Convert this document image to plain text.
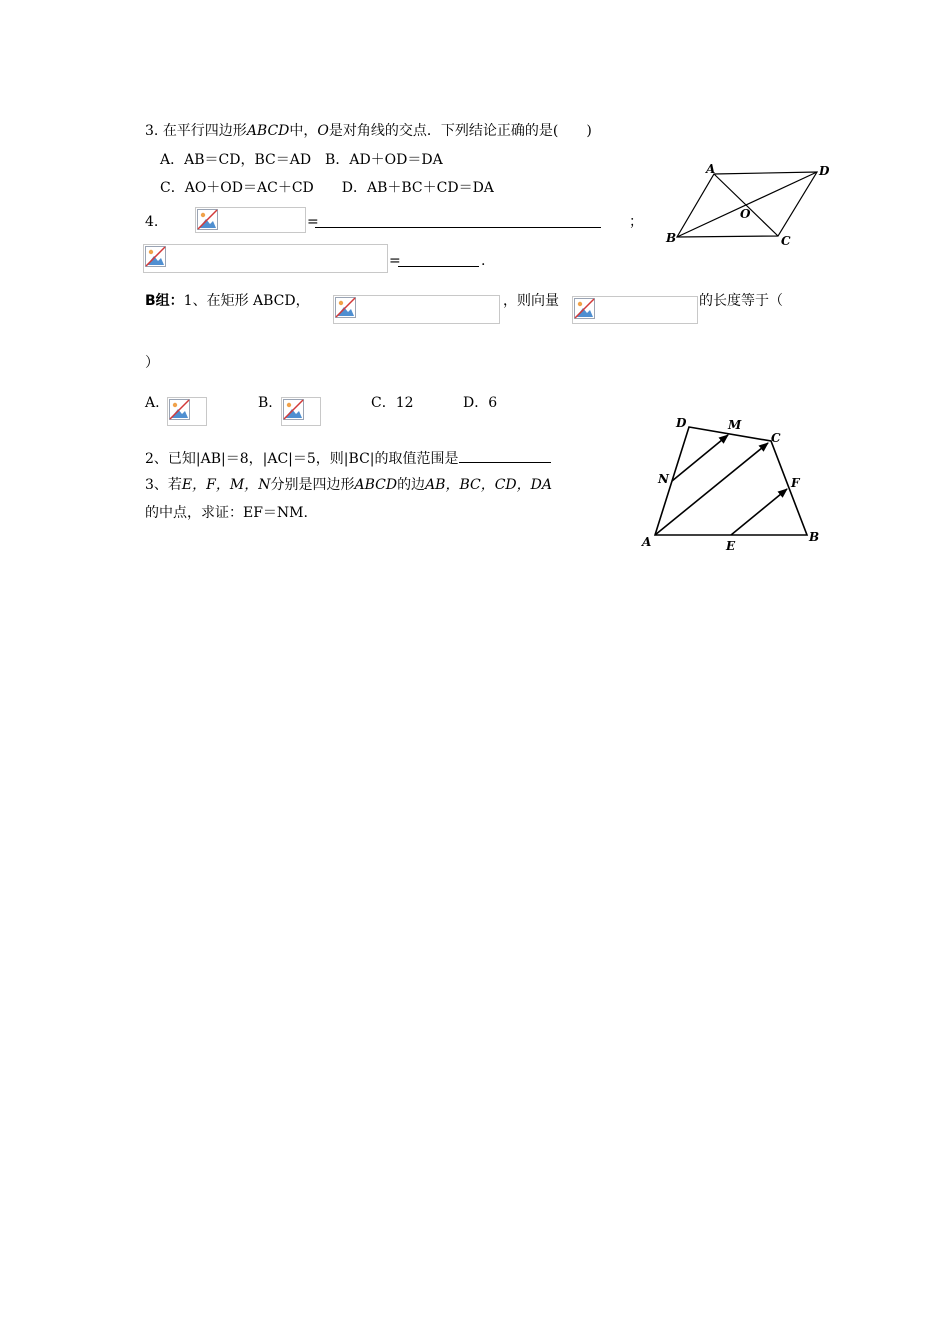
3. 在平行四边形ABCD中，O是对角线的交点．下列结论正确的是(　　)
A．AB＝CD，BC＝AD　B．AD＋OD＝DA
C．AO＋OD＝AC＋CD　　D．AB＋BC＋CD＝DA
4.	=	；
=	.
A	D
B	C
O
B组：1、在矩形 ABCD，	，则向量	的长度等于（
）
A.	B.	C．12	D．6
2、已知|AB|＝8，|AC|＝5，则|BC|的取值范围是
3、若E，F，M，N分别是四边形ABCD的边AB，BC，CD，DA
的中点，求证：EF＝NM.
D	M
C
N	F
A	E
B
